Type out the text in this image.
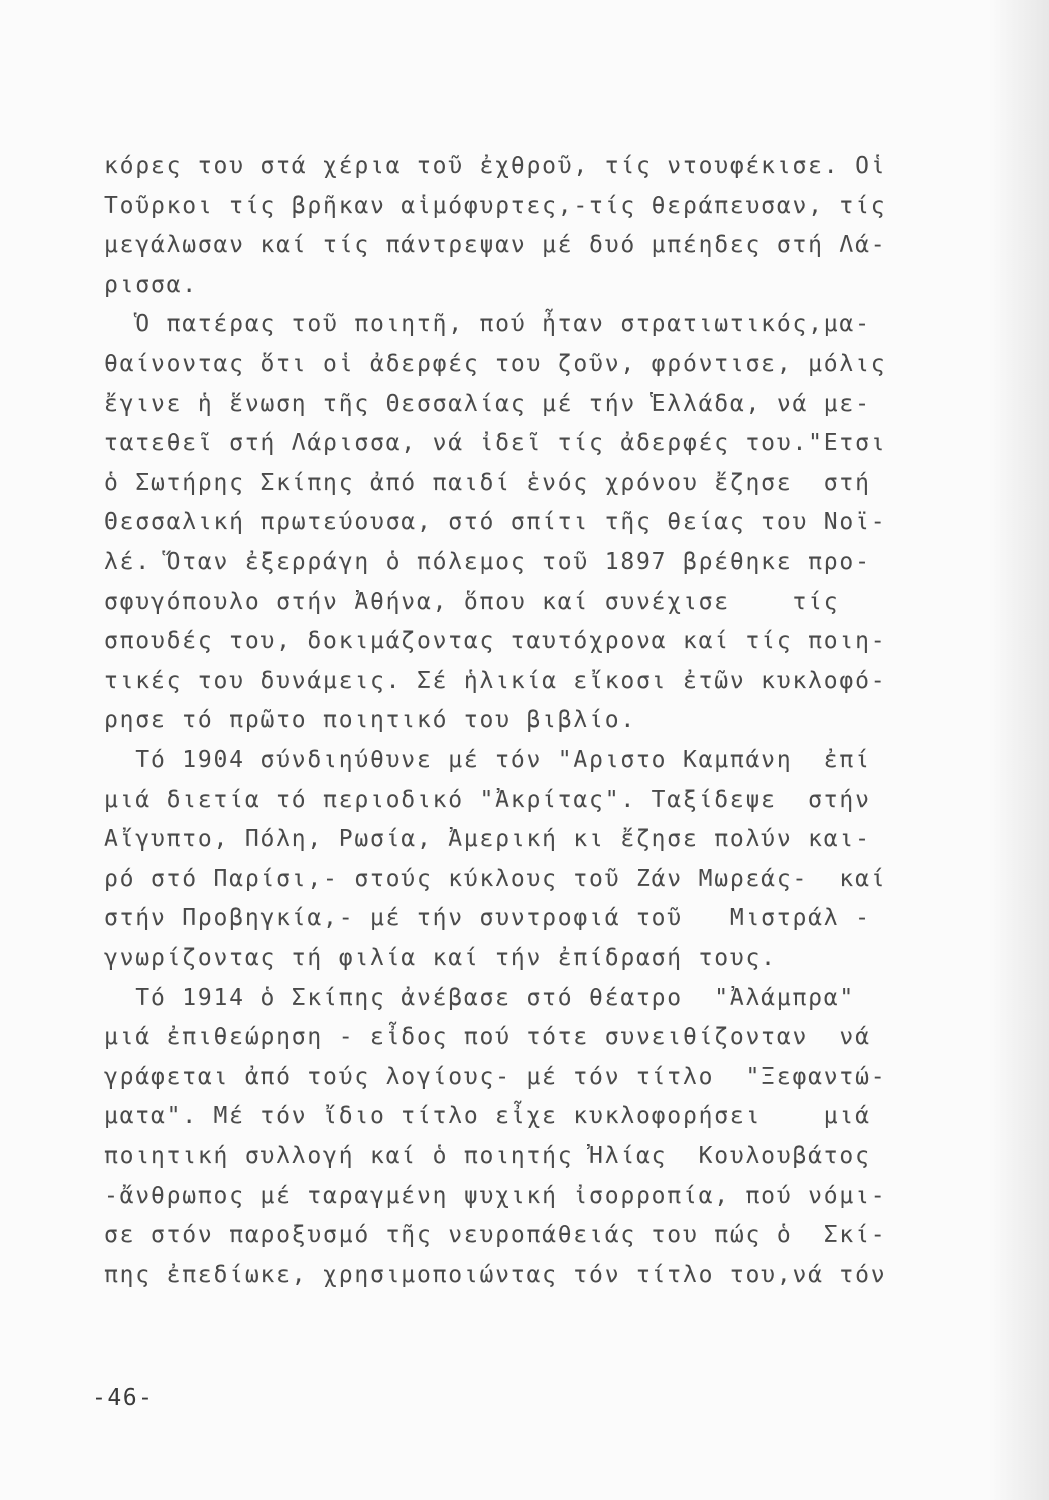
κόρες του στά χέρια τοῦ ἐχθροῦ, τίς ντουφέκισε. Οἱ
Τοῦρκοι τίς βρῆκαν αἱμόφυρτες,-τίς θεράπευσαν, τίς
μεγάλωσαν καί τίς πάντρεψαν μέ δυό μπέηδες στή Λά-
ρισσα.
Ὁ πατέρας τοῦ ποιητῆ, πού ἦταν στρατιωτικός,μα-
θαίνοντας ὅτι οἱ ἀδερφές του ζοῦν, φρόντισε, μόλις
ἔγινε ἡ ἕνωση τῆς Θεσσαλίας μέ τήν Ἑλλάδα, νά με-
τατεθεῖ στή Λάρισσα, νά ἰδεῖ τίς ἀδερφές του."Ετσι
ὁ Σωτήρης Σκίπης ἀπό παιδί ἑνός χρόνου ἔζησε  στή
Θεσσαλική πρωτεύουσα, στό σπίτι τῆς θείας του Νοϊ-
λέ. Ὅταν ἐξερράγη ὁ πόλεμος τοῦ 1897 βρέθηκε προ-
σφυγόπουλο στήν Ἀθήνα, ὅπου καί συνέχισε    τίς
σπουδές του, δοκιμάζοντας ταυτόχρονα καί τίς ποιη-
τικές του δυνάμεις. Σέ ἡλικία εἴκοσι ἐτῶν κυκλοφό-
ρησε τό πρῶτο ποιητικό του βιβλίο.
Τό 1904 σύνδιηύθυνε μέ τόν "Αριστο Καμπάνη  ἐπί
μιά διετία τό περιοδικό "Ἀκρίτας". Ταξίδεψε  στήν
Αἴγυπτο, Πόλη, Ρωσία, Ἀμερική κι ἔζησε πολύν και-
ρό στό Παρίσι,- στούς κύκλους τοῦ Ζάν Μωρεάς-  καί
στήν Προβηγκία,- μέ τήν συντροφιά τοῦ   Μιστράλ -
γνωρίζοντας τή φιλία καί τήν ἐπίδρασή τους.
Τό 1914 ὁ Σκίπης ἀνέβασε στό θέατρο  "Ἀλάμπρα"
μιά ἐπιθεώρηση - εἶδος πού τότε συνειθίζονταν  νά
γράφεται ἀπό τούς λογίους- μέ τόν τίτλο  "Ξεφαντώ-
ματα". Μέ τόν ἴδιο τίτλο εἶχε κυκλοφορήσει    μιά
ποιητική συλλογή καί ὁ ποιητής Ἠλίας  Κουλουβάτος
-ἄνθρωπος μέ ταραγμένη ψυχική ἰσορροπία, πού νόμι-
σε στόν παροξυσμό τῆς νευροπάθειάς του πώς ὁ  Σκί-
πης ἐπεδίωκε, χρησιμοποιώντας τόν τίτλο του,νά τόν
-46-
